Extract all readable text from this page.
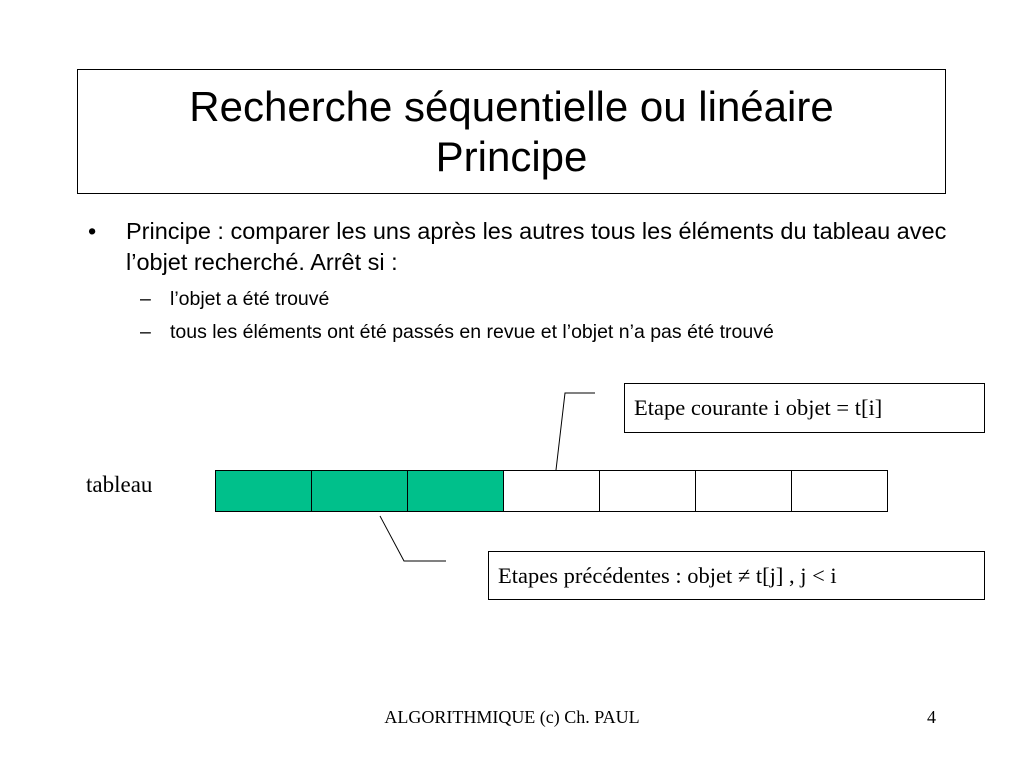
Recherche séquentielle ou linéaire
Principe
• Principe : comparer les uns après les autres tous les éléments du tableau avec l’objet recherché. Arrêt si :
– l’objet a été trouvé
– tous les éléments ont été passés en revue et l’objet n’a pas été trouvé
tableau
Etape courante i objet = t[i]
Etapes précédentes : objet ≠ t[j] , j < i
ALGORITHMIQUE (c) Ch. PAUL	4
